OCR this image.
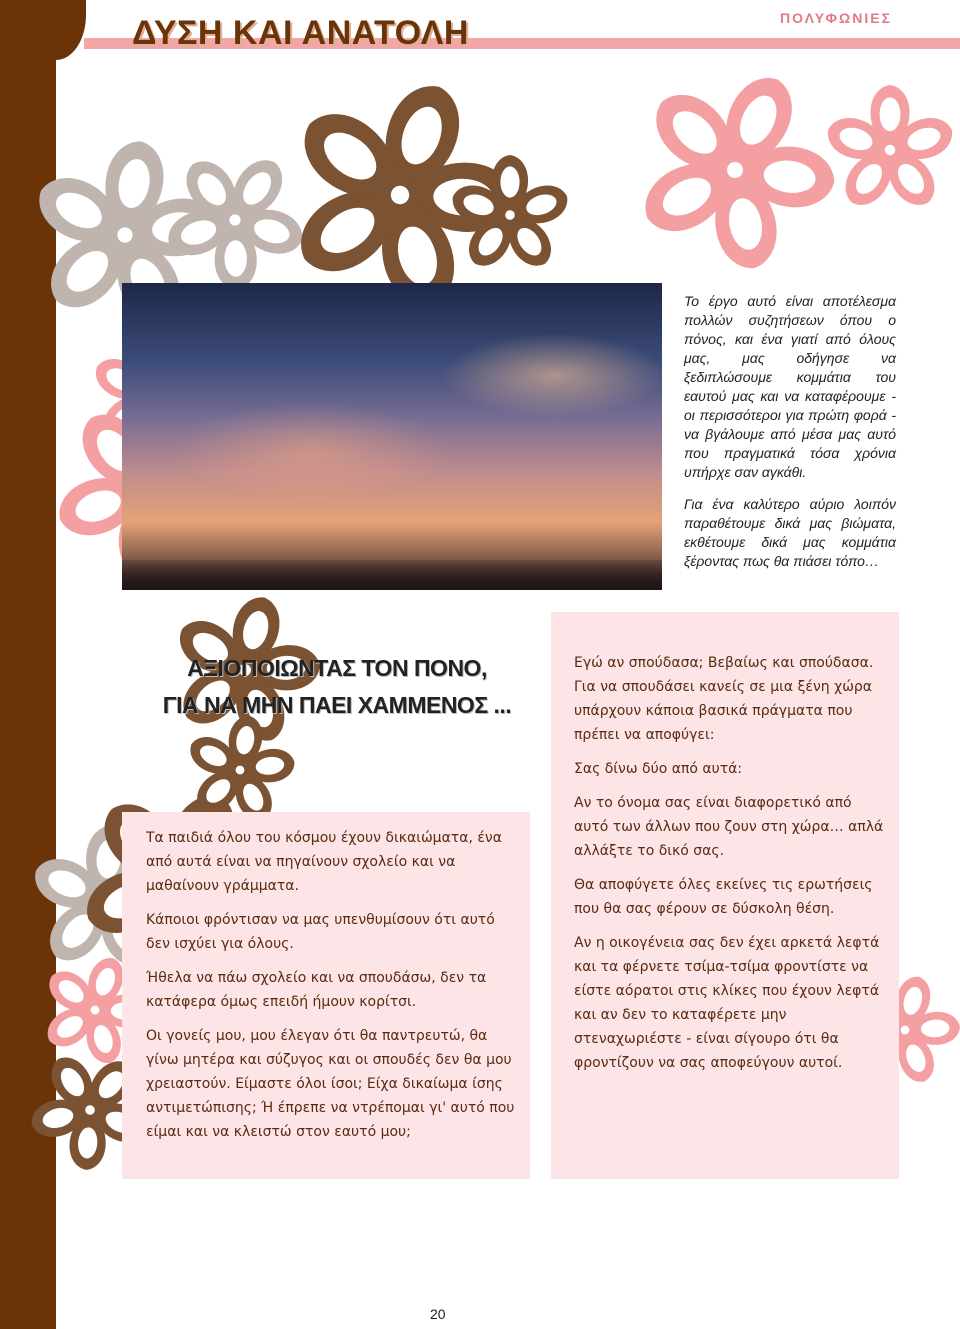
ΔΥΣΗ ΚΑΙ ΑΝΑΤΟΛΗ	ΠΟΛΥΦΩΝΙΕΣ

Το έργο αυτό είναι αποτέλεσμα πολλών συζητήσεων όπου ο πόνος, και ένα γιατί από όλους μας, μας οδήγησε να ξεδιπλώσουμε κομμάτια του εαυτού μας και να καταφέρουμε - οι περισσότεροι για πρώτη φορά - να βγάλουμε από μέσα μας αυτό που πραγματικά τόσα χρόνια υπήρχε σαν αγκάθι.

Για ένα καλύτερο αύριο λοιπόν παραθέτουμε δικά μας βιώματα, εκθέτουμε δικά μας κομμάτια ξέροντας πως θα πιάσει τόπο…

ΑΞΙΟΠΟΙΩΝΤΑΣ ΤΟΝ ΠΟΝΟ,
ΓΙΑ ΝΑ ΜΗΝ ΠΑΕΙ ΧΑΜΜΕΝΟΣ ...

Τα παιδιά όλου του κόσμου έχουν δικαιώματα, ένα από αυτά είναι να πηγαίνουν σχολείο και να μαθαίνουν γράμματα.

Κάποιοι φρόντισαν να μας υπενθυμίσουν ότι αυτό δεν ισχύει για όλους.

Ήθελα να πάω σχολείο και να σπουδάσω, δεν τα κατάφερα όμως επειδή ήμουν κορίτσι.

Οι γονείς μου, μου έλεγαν ότι θα παντρευτώ, θα γίνω μητέρα και σύζυγος και οι σπουδές δεν θα μου χρειαστούν. Είμαστε όλοι ίσοι; Είχα δικαίωμα ίσης αντιμετώπισης; Ή έπρεπε να ντρέπομαι γι' αυτό που είμαι και να κλειστώ στον εαυτό μου;

Εγώ αν σπούδασα; Βεβαίως και σπούδασα. Για να σπουδάσει κανείς σε μια ξένη χώρα υπάρχουν κάποια βασικά πράγματα που πρέπει να αποφύγει:

Σας δίνω δύο από αυτά:

Αν το όνομα σας είναι διαφορετικό από αυτό των άλλων που ζουν στη χώρα… απλά αλλάξτε το δικό σας.

Θα αποφύγετε όλες εκείνες τις ερωτήσεις που θα σας φέρουν σε δύσκολη θέση.

Αν η οικογένεια σας δεν έχει αρκετά λεφτά και τα φέρνετε τσίμα-τσίμα φροντίστε να είστε αόρατοι στις κλίκες που έχουν λεφτά και αν δεν το καταφέρετε μην στεναχωριέστε - είναι σίγουρο ότι θα φροντίζουν να σας αποφεύγουν αυτοί.

20
